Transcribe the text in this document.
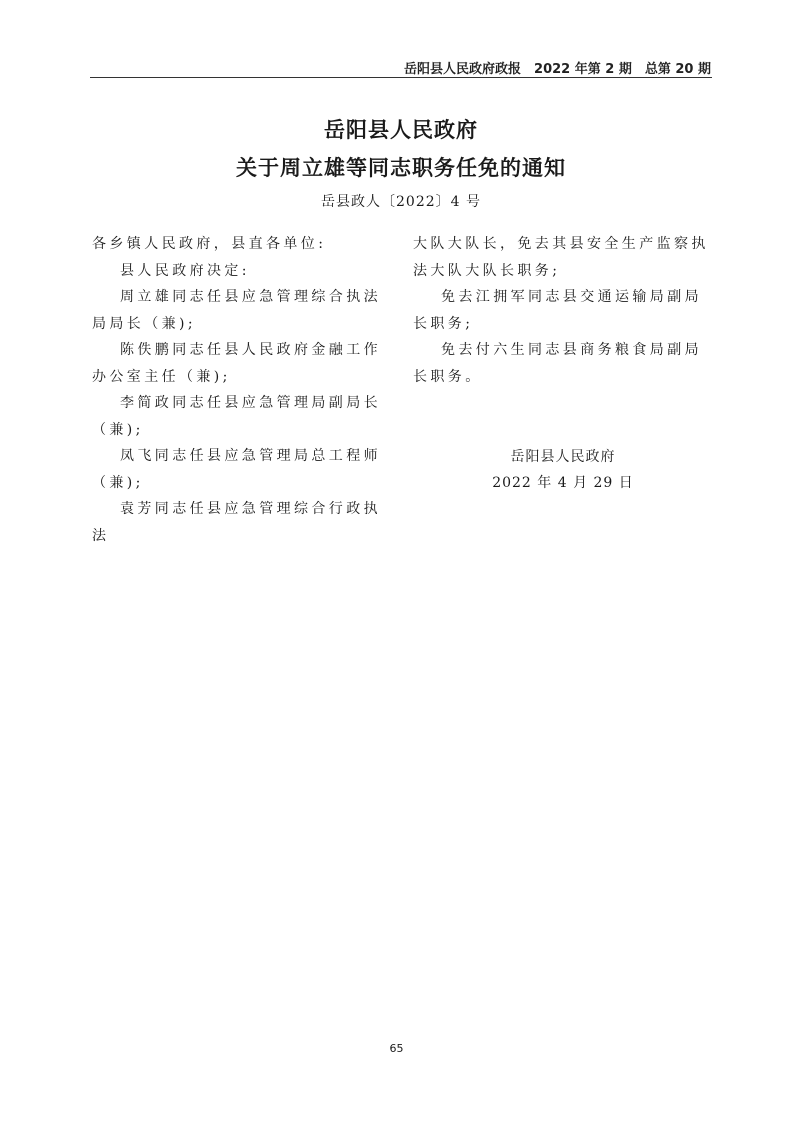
岳阳县人民政府政报　2022 年第 2 期　总第 20 期
岳阳县人民政府
关于周立雄等同志职务任免的通知
岳县政人〔2022〕4 号

各乡镇人民政府，县直各单位:

县人民政府决定:

周立雄同志任县应急管理综合执法局局长（兼);

陈佚鹏同志任县人民政府金融工作办公室主任（兼);

李简政同志任县应急管理局副局长（兼);

凤飞同志任县应急管理局总工程师（兼);

袁芳同志任县应急管理综合行政执法

大队大队长，免去其县安全生产监察执法大队大队长职务;

免去江拥军同志县交通运输局副局长职务;

免去付六生同志县商务粮食局副局长职务。

岳阳县人民政府
2022 年 4 月 29 日
65
